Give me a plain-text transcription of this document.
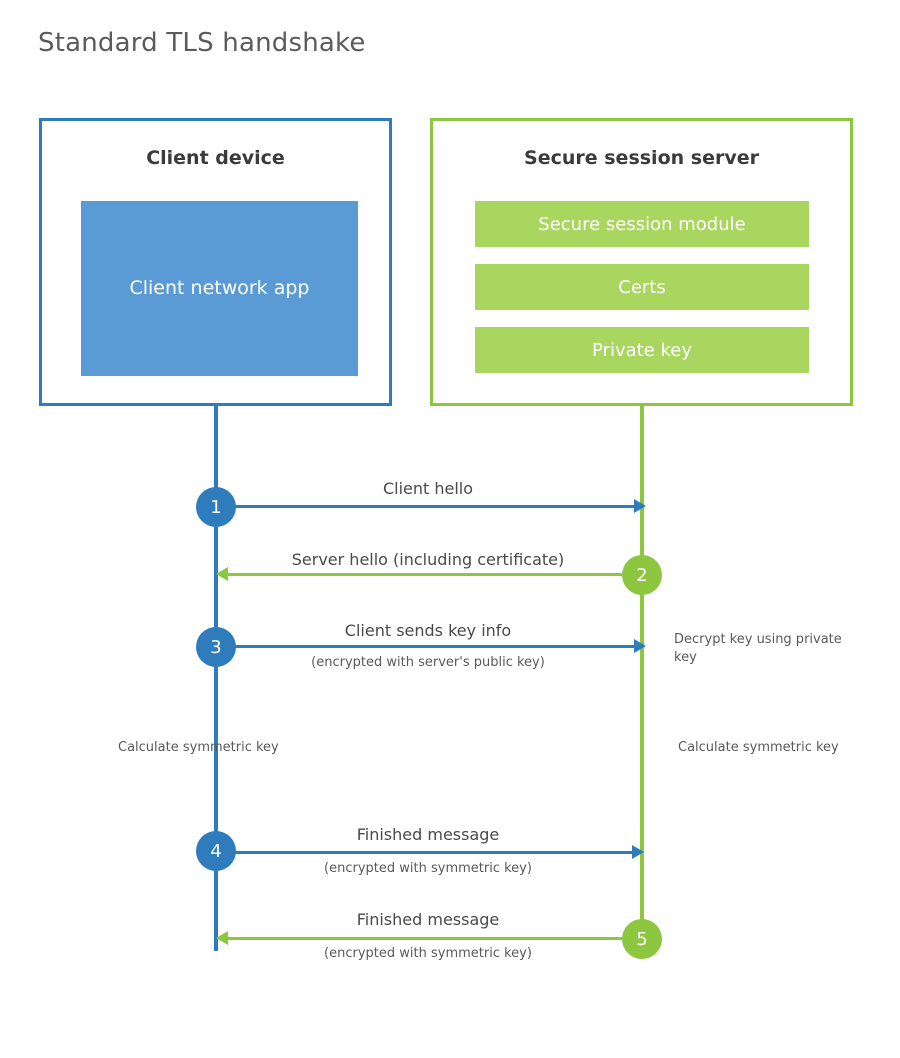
Standard TLS handshake
Client device
Client network app
Secure session server
Secure session module
Certs
Private key
Client hello
1
Server hello (including certificate)
2
Client sends key info
(encrypted with server's public key)
3	Decrypt key using private key
Calculate symmetric key	Calculate symmetric key
Finished message
(encrypted with symmetric key)
4
Finished message
(encrypted with symmetric key)
5
